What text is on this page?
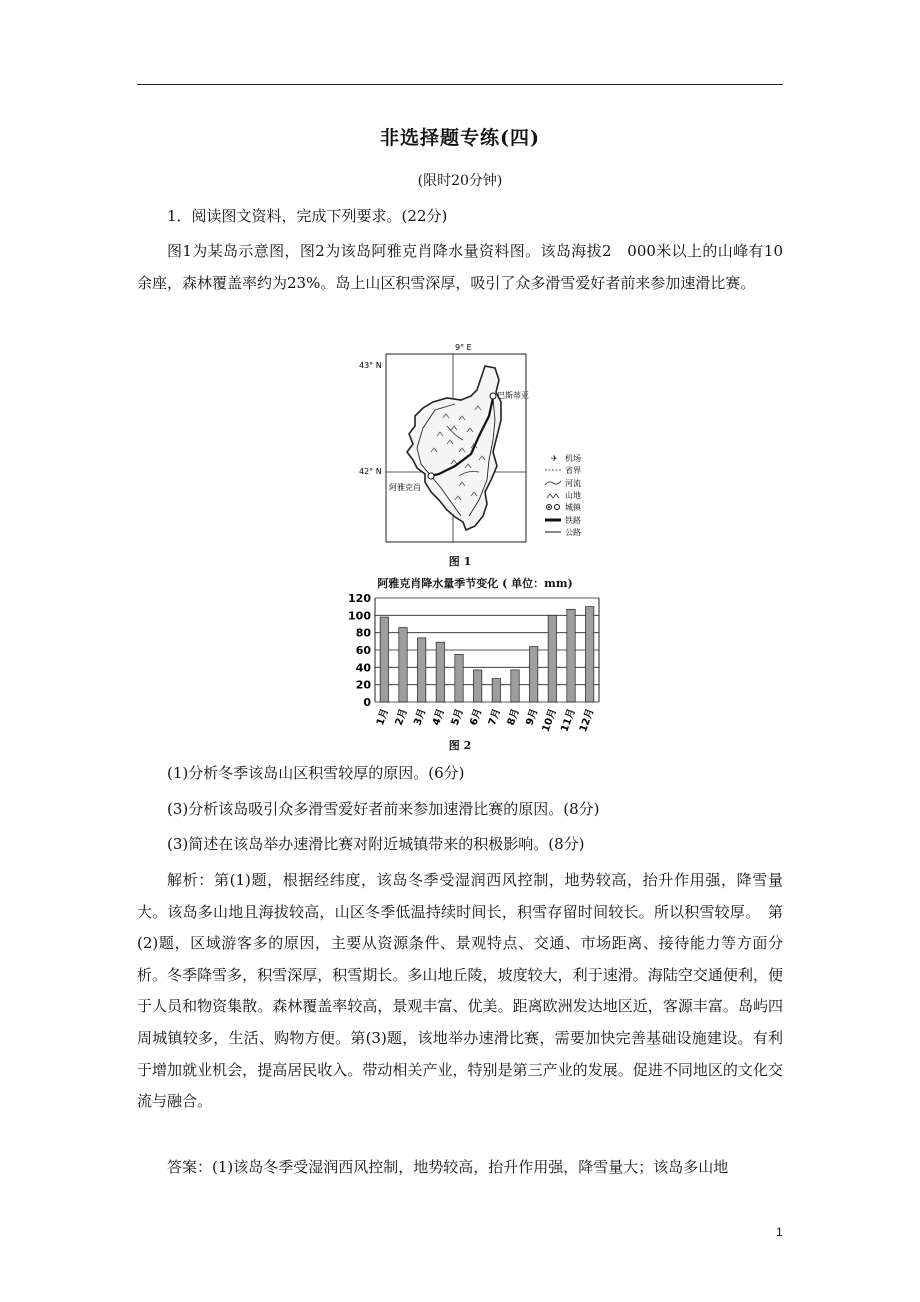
非选择题专练(四)
(限时20分钟)
1．阅读图文资料，完成下列要求。(22分)
图1为某岛示意图，图2为该岛阿雅克肖降水量资料图。该岛海拔2　000米以上的山峰有10余座，森林覆盖率约为23%。岛上山区积雪深厚，吸引了众多滑雪爱好者前来参加速滑比赛。
9° E
43° N
42° N
巴斯蒂亚
阿雅克肖
✈ 机场
省界
河流
山地
城镇
铁路
公路
图 1
阿雅克肖降水量季节变化 ( 单位：mm)
0
20
40
60
80
100
120
1月 2月 3月 4月 5月 6月 7月 8月 9月 10月 11月 12月
图 2
(1)分析冬季该岛山区积雪较厚的原因。(6分)
(3)分析该岛吸引众多滑雪爱好者前来参加速滑比赛的原因。(8分)
(3)简述在该岛举办速滑比赛对附近城镇带来的积极影响。(8分)
解析：第(1)题，根据经纬度，该岛冬季受湿润西风控制，地势较高，抬升作用强，降雪量大。该岛多山地且海拔较高，山区冬季低温持续时间长，积雪存留时间较长。所以积雪较厚。　第(2)题，区域游客多的原因，主要从资源条件、景观特点、交通、市场距离、接待能力等方面分析。冬季降雪多，积雪深厚，积雪期长。多山地丘陵，坡度较大，利于速滑。海陆空交通便利，便于人员和物资集散。森林覆盖率较高，景观丰富、优美。距离欧洲发达地区近，客源丰富。岛屿四周城镇较多，生活、购物方便。第(3)题，该地举办速滑比赛，需要加快完善基础设施建设。有利于增加就业机会，提高居民收入。带动相关产业，特别是第三产业的发展。促进不同地区的文化交流与融合。
答案：(1)该岛冬季受湿润西风控制，地势较高，抬升作用强，降雪量大；该岛多山地
1
